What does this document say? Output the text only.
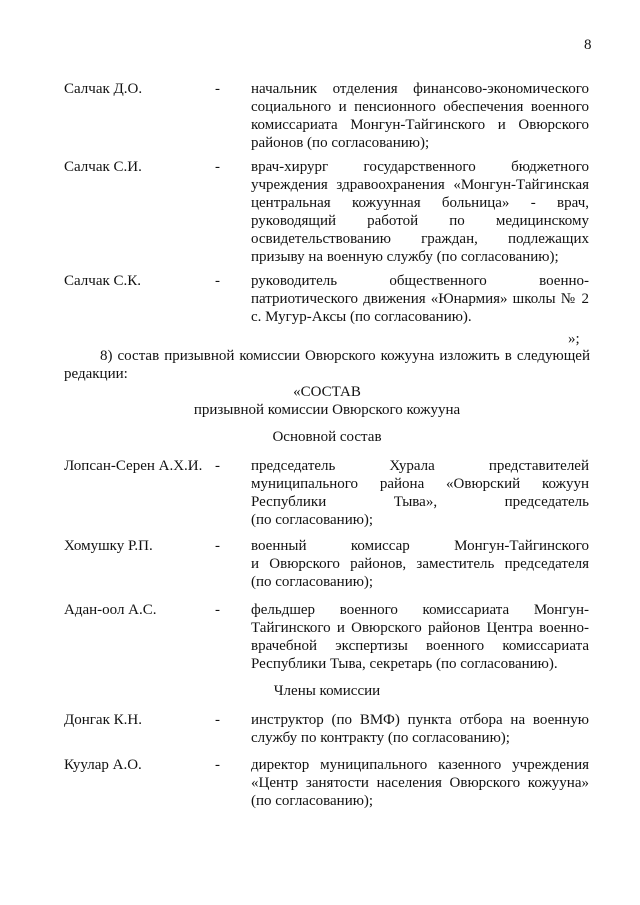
8
Салчак Д.О.	- начальник отделения финансово-экономического
социального и пенсионного обеспечения военного
комиссариата Монгун-Тайгинского и Овюрского
районов (по согласованию);
Салчак С.И.	- врач-хирург государственного бюджетного
учреждения здравоохранения «Монгун-Тайгинская
центральная кожуунная больница» - врач,
руководящий работой по медицинскому
освидетельствованию граждан, подлежащих
призыву на военную службу (по согласованию);
Салчак С.К.	- руководитель общественного военно-
патриотического движения «Юнармия» школы № 2
с. Мугур-Аксы (по согласованию).
»;
8) состав призывной комиссии Овюрского кожууна изложить в следующей
редакции:
«СОСТАВ
призывной комиссии Овюрского кожууна
Основной состав
Лопсан-Серен А.Х.И. - председатель Хурала представителей
муниципального района «Овюрский кожуун
Республики Тыва», председатель
(по согласованию);
Хомушку Р.П.	- военный комиссар Монгун-Тайгинского
и Овюрского районов, заместитель председателя
(по согласованию);
Адан-оол А.С.	- фельдшер военного комиссариата Монгун-
Тайгинского и Овюрского районов Центра военно-
врачебной экспертизы военного комиссариата
Республики Тыва, секретарь (по согласованию).
Члены комиссии
Донгак К.Н.	- инструктор (по ВМФ) пункта отбора на военную
службу по контракту (по согласованию);
Куулар А.О.	- директор муниципального казенного учреждения
«Центр занятости населения Овюрского кожууна»
(по согласованию);
